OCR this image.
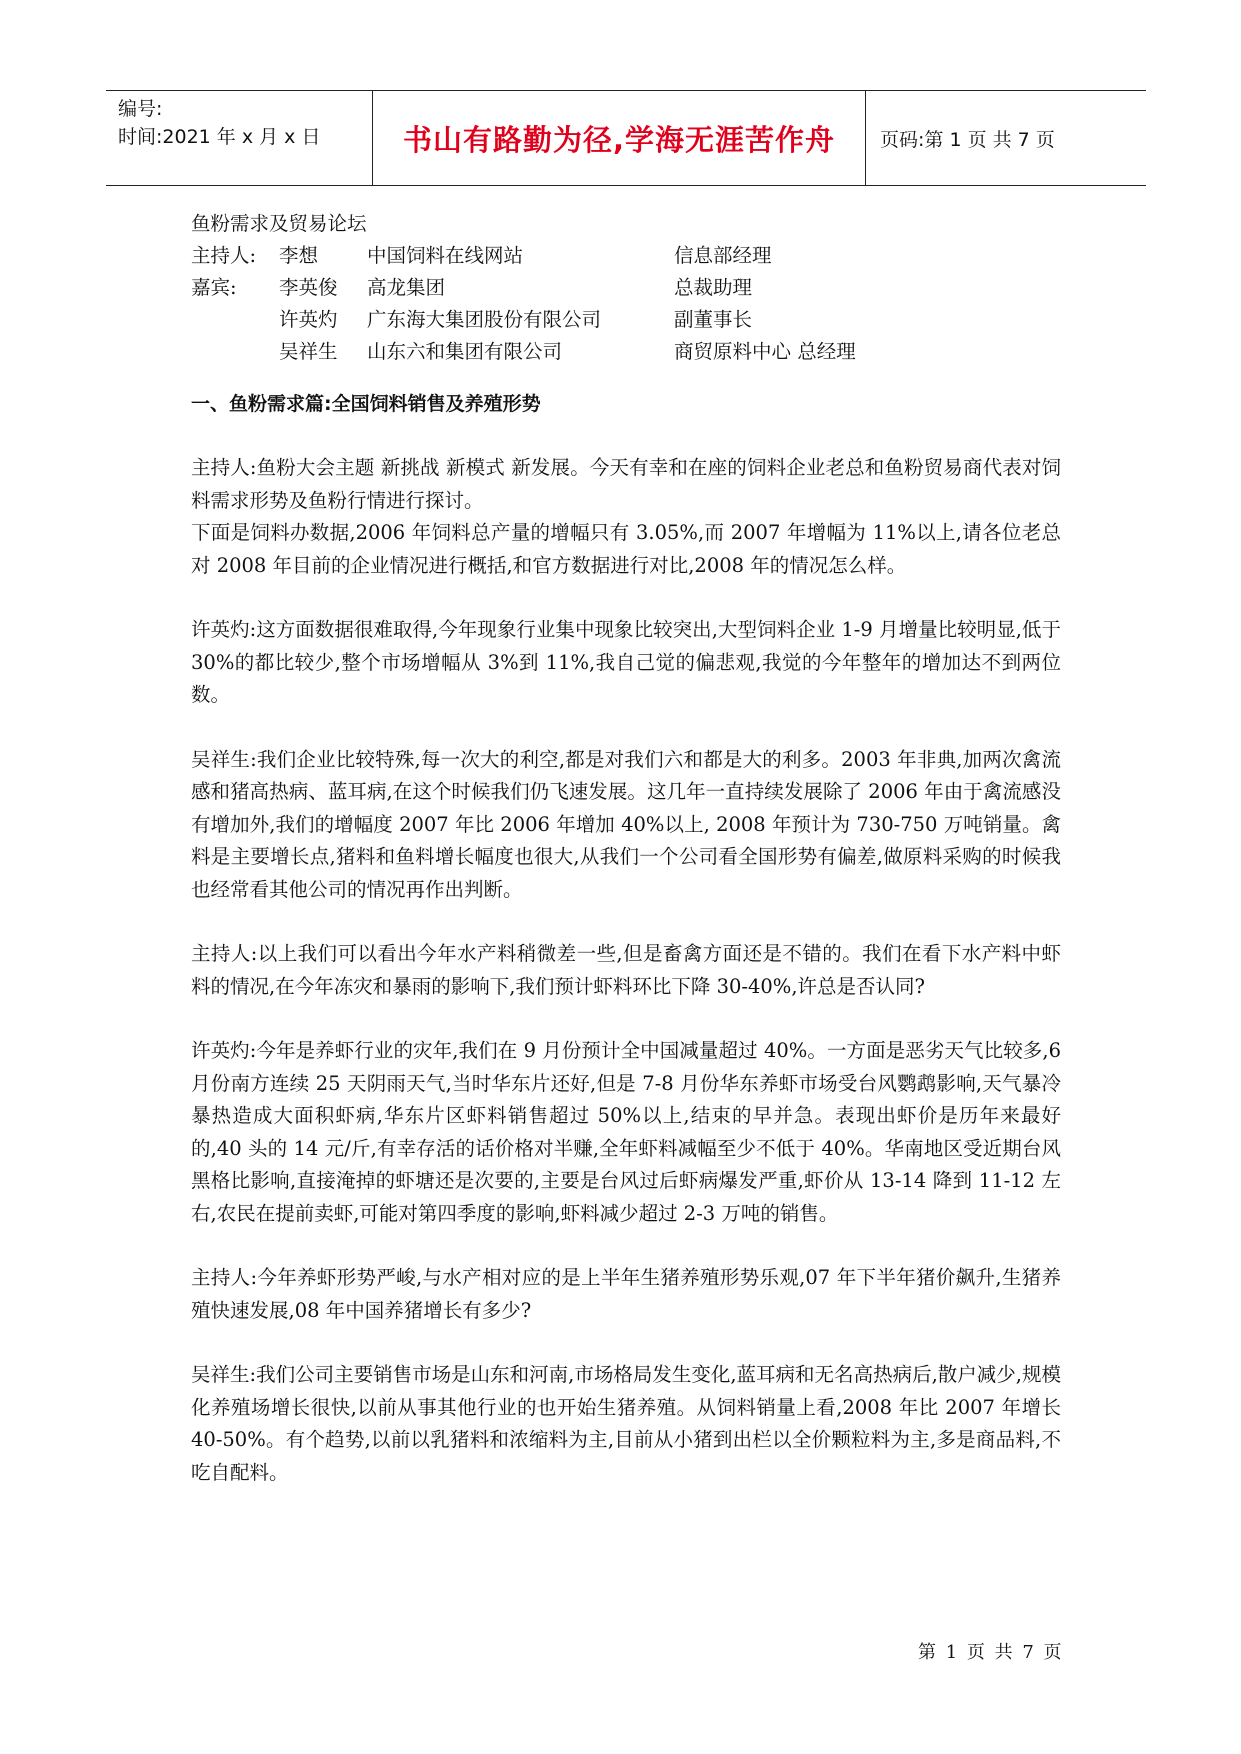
编号:
时间:2021 年 x 月 x 日	书山有路勤为径,学海无涯苦作舟	页码:第 1 页 共 7 页
鱼粉需求及贸易论坛
主持人: 李想	中国饲料在线网站	信息部经理
嘉宾: 李英俊 高龙集团	总裁助理
许英灼 广东海大集团股份有限公司	副董事长
吴祥生 山东六和集团有限公司	商贸原料中心 总经理
一、鱼粉需求篇:全国饲料销售及养殖形势

主持人:鱼粉大会主题 新挑战 新模式 新发展。今天有幸和在座的饲料企业老总和鱼粉贸易商代表对饲料需求形势及鱼粉行情进行探讨。

下面是饲料办数据,2006 年饲料总产量的增幅只有 3.05%,而 2007 年增幅为 11%以上,请各位老总对 2008 年目前的企业情况进行概括,和官方数据进行对比,2008 年的情况怎么样。

许英灼:这方面数据很难取得,今年现象行业集中现象比较突出,大型饲料企业 1-9 月增量比较明显,低于 30%的都比较少,整个市场增幅从 3%到 11%,我自己觉的偏悲观,我觉的今年整年的增加达不到两位数。

吴祥生:我们企业比较特殊,每一次大的利空,都是对我们六和都是大的利多。2003 年非典,加两次禽流感和猪高热病、蓝耳病,在这个时候我们仍飞速发展。这几年一直持续发展除了 2006 年由于禽流感没有增加外,我们的增幅度 2007 年比 2006 年增加 40%以上, 2008 年预计为 730-750 万吨销量。禽料是主要增长点,猪料和鱼料增长幅度也很大,从我们一个公司看全国形势有偏差,做原料采购的时候我也经常看其他公司的情况再作出判断。

主持人:以上我们可以看出今年水产料稍微差一些,但是畜禽方面还是不错的。我们在看下水产料中虾料的情况,在今年冻灾和暴雨的影响下,我们预计虾料环比下降 30-40%,许总是否认同?

许英灼:今年是养虾行业的灾年,我们在 9 月份预计全中国减量超过 40%。一方面是恶劣天气比较多,6 月份南方连续 25 天阴雨天气,当时华东片还好,但是 7-8 月份华东养虾市场受台风鹦鹉影响,天气暴冷暴热造成大面积虾病,华东片区虾料销售超过 50%以上,结束的早并急。表现出虾价是历年来最好的,40 头的 14 元/斤,有幸存活的话价格对半赚,全年虾料减幅至少不低于 40%。华南地区受近期台风黑格比影响,直接淹掉的虾塘还是次要的,主要是台风过后虾病爆发严重,虾价从 13-14 降到 11-12 左右,农民在提前卖虾,可能对第四季度的影响,虾料减少超过 2-3 万吨的销售。

主持人:今年养虾形势严峻,与水产相对应的是上半年生猪养殖形势乐观,07 年下半年猪价飙升,生猪养殖快速发展,08 年中国养猪增长有多少?

吴祥生:我们公司主要销售市场是山东和河南,市场格局发生变化,蓝耳病和无名高热病后,散户减少,规模化养殖场增长很快,以前从事其他行业的也开始生猪养殖。从饲料销量上看,2008 年比 2007 年增长 40-50%。有个趋势,以前以乳猪料和浓缩料为主,目前从小猪到出栏以全价颗粒料为主,多是商品料,不吃自配料。

第 1 页 共 7 页
